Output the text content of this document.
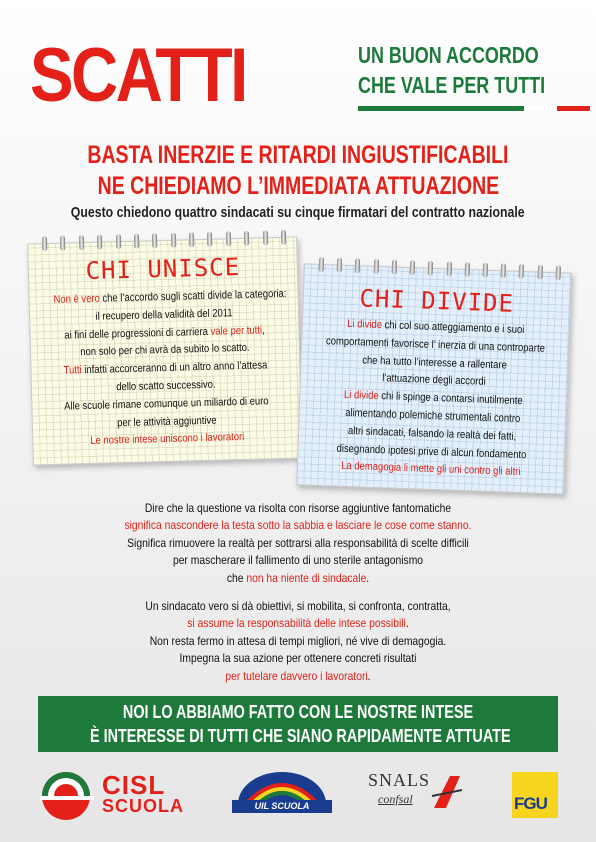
SCATTI	UN BUON ACCORDO
CHE VALE PER TUTTI
BASTA INERZIE E RITARDI INGIUSTIFICABILI
NE CHIEDIAMO L’IMMEDIATA ATTUAZIONE
Questo chiedono quattro sindacati su cinque firmatari del contratto nazionale
CHI UNISCE
Non è vero che l’accordo sugli scatti divide la categoria:
il recupero della validità del 2011
ai fini delle progressioni di carriera vale per tutti,
non solo per chi avrà da subito lo scatto.
Tutti infatti accorceranno di un altro anno l’attesa
dello scatto successivo.
Alle scuole rimane comunque un miliardo di euro
per le attività aggiuntive
Le nostre intese uniscono i lavoratori
CHI DIVIDE
Li divide chi col suo atteggiamento e i suoi
comportamenti favorisce l’ inerzia di una controparte
che ha tutto l’interesse a rallentare
l’attuazione degli accordi
Li divide chi li spinge a contarsi inutilmente
alimentando polemiche strumentali contro
altri sindacati, falsando la realtà dei fatti,
disegnando ipotesi prive di alcun fondamento
La demagogia li mette gli uni contro gli altri
Dire che la questione va risolta con risorse aggiuntive fantomatiche
significa nascondere la testa sotto la sabbia e lasciare le cose come stanno.
Significa rimuovere la realtà per sottrarsi alla responsabilità di scelte difficili
per mascherare il fallimento di uno sterile antagonismo
che non ha niente di sindacale.
Un sindacato vero si dà obiettivi, si mobilita, si confronta, contratta,
si assume la responsabilità delle intese possibili.
Non resta fermo in attesa di tempi migliori, né vive di demagogia.
Impegna la sua azione per ottenere concreti risultati
per tutelare davvero i lavoratori.
NOI LO ABBIAMO FATTO CON LE NOSTRE INTESE
È INTERESSE DI TUTTI CHE SIANO RAPIDAMENTE ATTUATE
CISL
SCUOLA	UIL SCUOLA
SNALS
confsal	FGU
